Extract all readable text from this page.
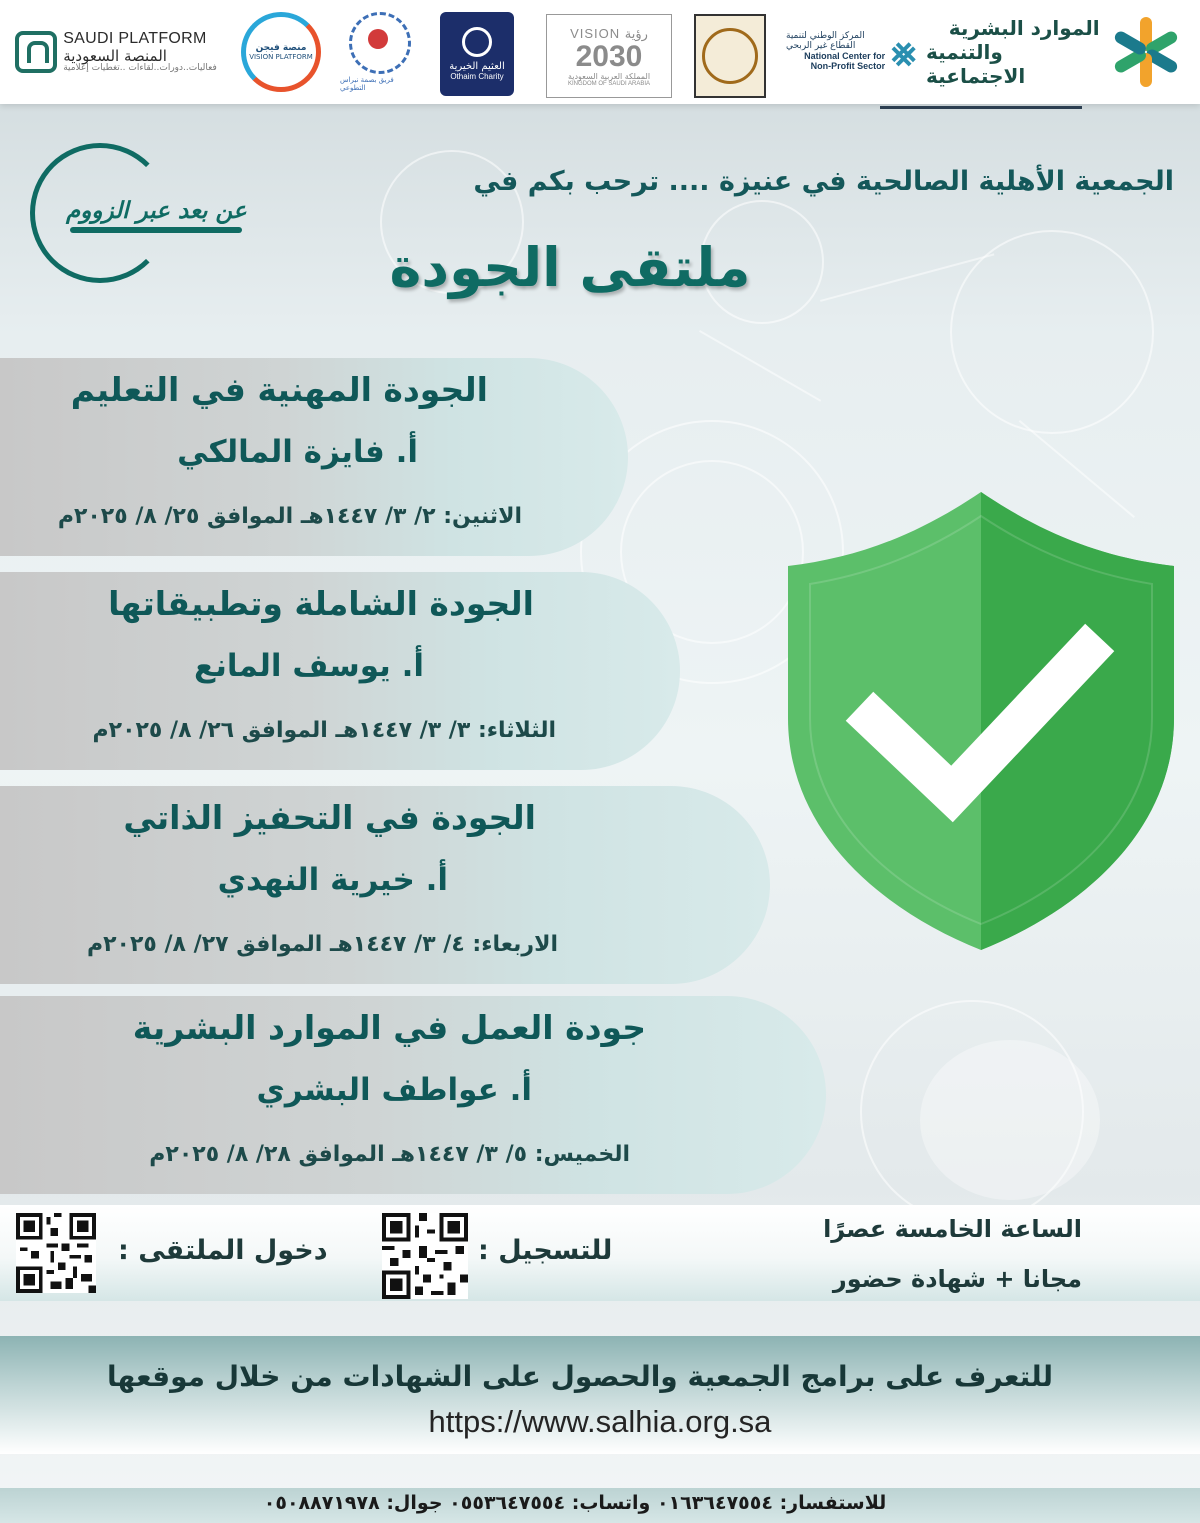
SAUDI PLATFORM
المنصة السعودية
فعاليات..دورات..لقاءات ..تغطيات إعلامية
منصة فيجن
VISION PLATFORM
فريق بصمة نبراس التطوعي
العثيم الخيرية
Othaim Charity
VISION رؤية
2030
المملكة العربية السعودية
KINGDOM OF SAUDI ARABIA
المركز الوطني لتنمية القطاع غير الربحي
National Center for
Non-Profit Sector ⨳
الموارد البشرية
والتنمية الاجتماعية
عن بعد عبر الزووم
الجمعية الأهلية الصالحية في عنيزة .... ترحب بكم في
ملتقى الجودة
الجودة المهنية في التعليم
أ. فايزة المالكي
الاثنين: ٢/ ٣/ ١٤٤٧هـ الموافق ٢٥/ ٨/ ٢٠٢٥م
الجودة الشاملة وتطبيقاتها
أ. يوسف المانع
الثلاثاء: ٣/ ٣/ ١٤٤٧هـ الموافق ٢٦/ ٨/ ٢٠٢٥م
الجودة في التحفيز الذاتي
أ. خيرية النهدي
الاربعاء: ٤/ ٣/ ١٤٤٧هـ الموافق ٢٧/ ٨/ ٢٠٢٥م
جودة العمل في الموارد البشرية
أ. عواطف البشري
الخميس: ٥/ ٣/ ١٤٤٧هـ الموافق ٢٨/ ٨/ ٢٠٢٥م
دخول الملتقى :	للتسجيل :
الساعة الخامسة عصرًا
مجانا + شهادة حضور
للتعرف على برامج الجمعية والحصول على الشهادات من خلال موقعها
https://www.salhia.org.sa
للاستفسار: ٠١٦٣٦٤٧٥٥٤ واتساب: ٠٥٥٣٦٤٧٥٥٤ جوال: ٠٥٠٨٨٧١٩٧٨
